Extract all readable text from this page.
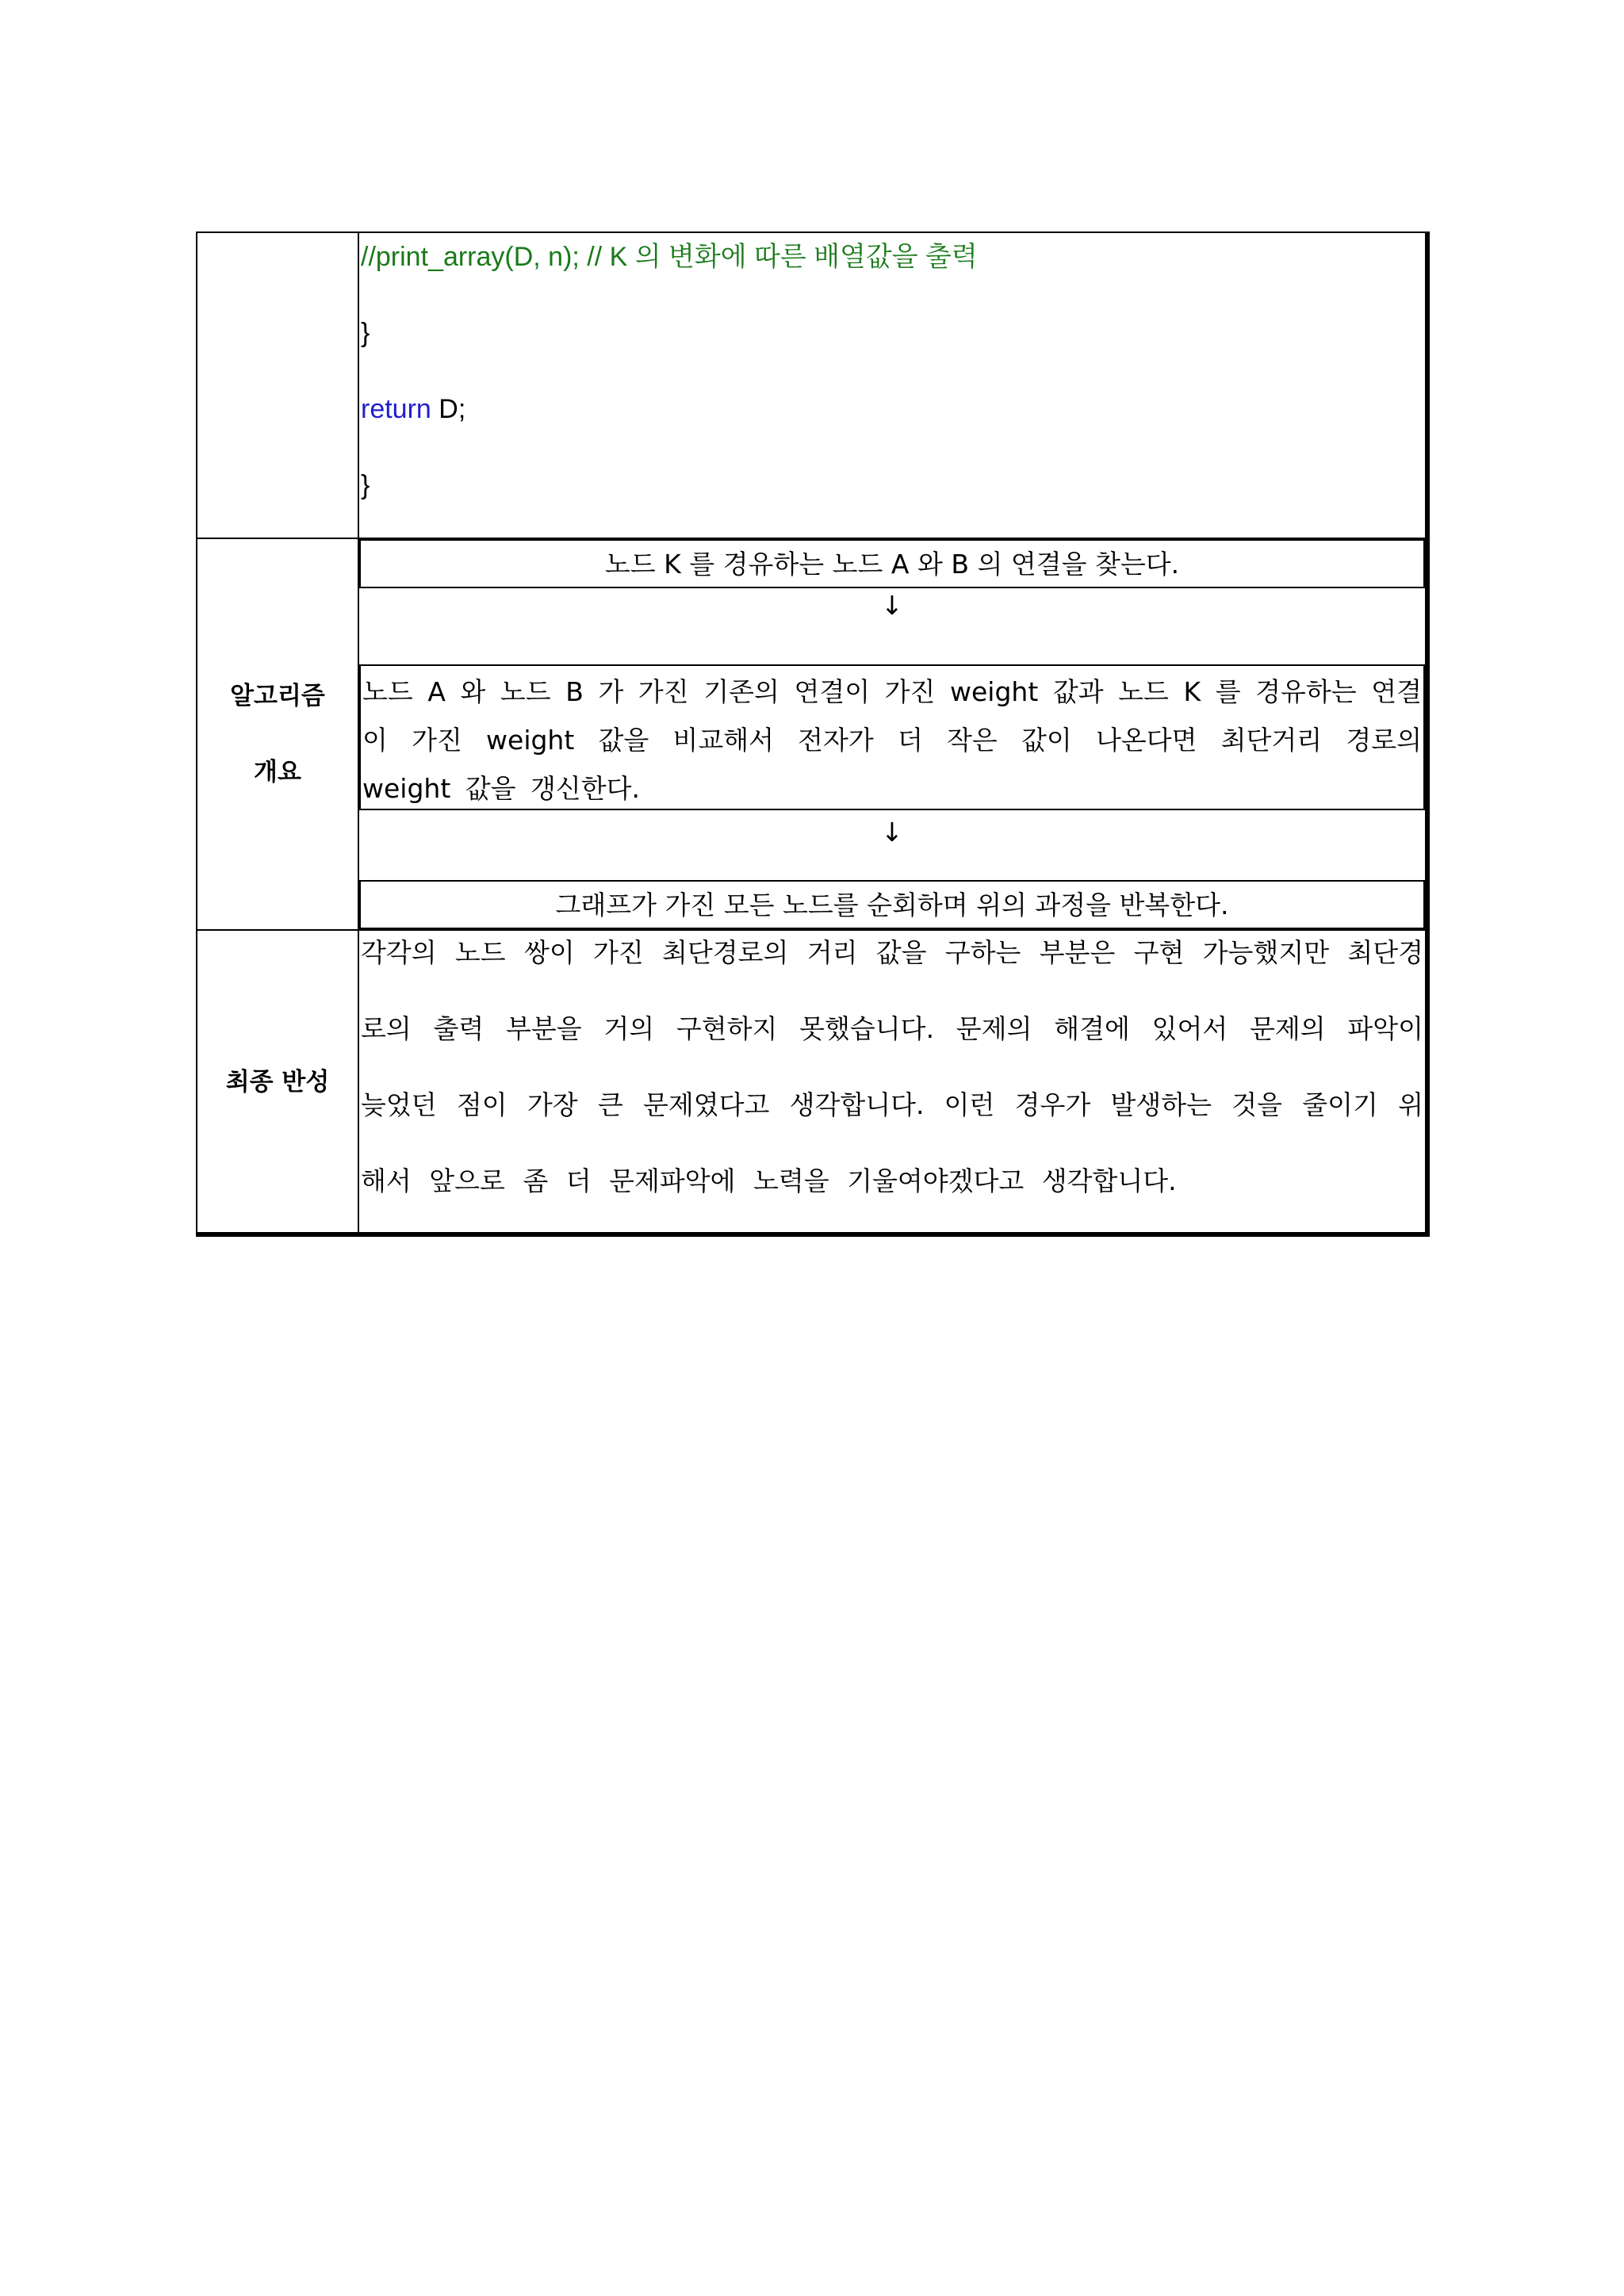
//print_array(D, n); // K 의 변화에 따른 배열값을 출력
}
return D;
}
알고리즘
개요
노드 K 를 경유하는 노드 A 와 B 의 연결을 찾는다.
↓
노드 A 와 노드 B 가 가진 기존의 연결이 가진 weight 값과 노드 K 를 경유하는 연결이 가진 weight 값을 비교해서 전자가 더 작은 값이 나온다면 최단거리 경로의 weight 값을 갱신한다.
↓
그래프가 가진 모든 노드를 순회하며 위의 과정을 반복한다.
최종 반성
각각의 노드 쌍이 가진 최단경로의 거리 값을 구하는 부분은 구현 가능했지만 최단경로의 출력 부분을 거의 구현하지 못했습니다. 문제의 해결에 있어서 문제의 파악이 늦었던 점이 가장 큰 문제였다고 생각합니다. 이런 경우가 발생하는 것을 줄이기 위해서 앞으로 좀 더 문제파악에 노력을 기울여야겠다고 생각합니다.
